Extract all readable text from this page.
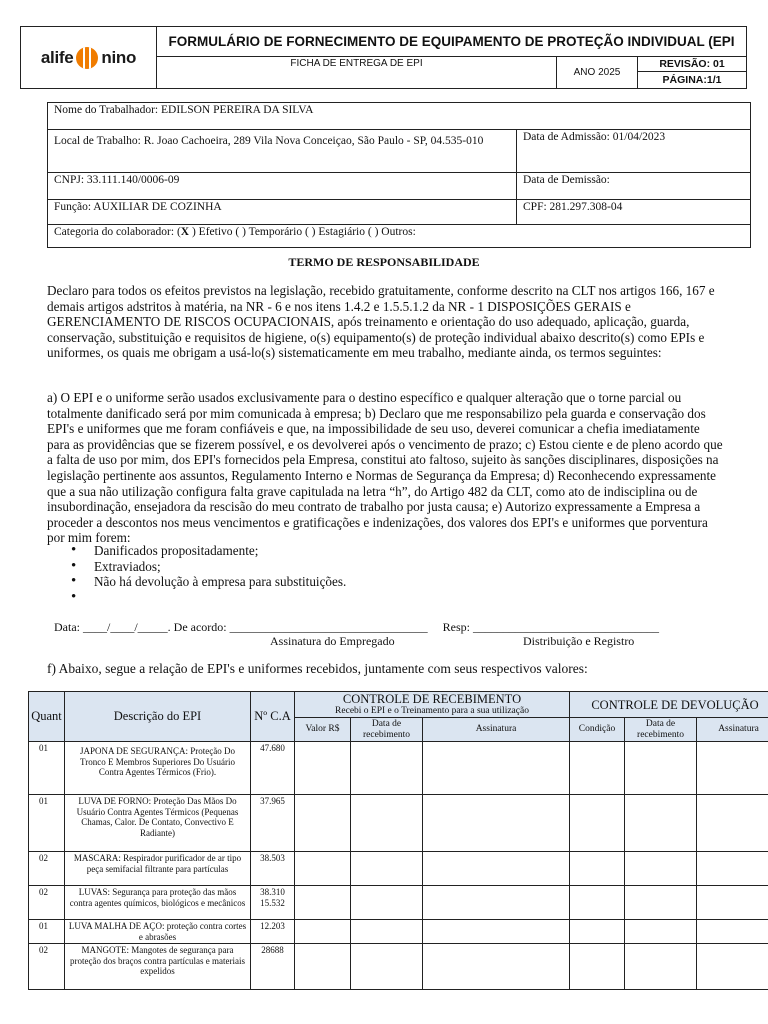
alife nino
FORMULÁRIO DE FORNECIMENTO DE EQUIPAMENTO DE PROTEÇÃO INDIVIDUAL (EPI
FICHA DE ENTREGA DE EPI
ANO 2025
REVISÃO: 01
PÁGINA:1/1
Nome do Trabalhador: EDILSON PEREIRA DA SILVA	
Local de Trabalho: R. Joao Cachoeira, 289 Vila Nova Conceiçao, São Paulo - SP, 04.535-010	Data de Admissão: 01/04/2023
CNPJ: 33.111.140/0006-09	Data de Demissão:
Função: AUXILIAR DE COZINHA	CPF: 281.297.308-04
Categoria do colaborador: (X ) Efetivo ( ) Temporário ( ) Estagiário ( ) Outros:	
TERMO DE RESPONSABILIDADE
Declaro para todos os efeitos previstos na legislação, recebido gratuitamente, conforme descrito na CLT nos artigos 166, 167 e demais artigos adstritos à matéria, na NR - 6 e nos itens 1.4.2 e 1.5.5.1.2 da NR - 1 DISPOSIÇÕES GERAIS e GERENCIAMENTO DE RISCOS OCUPACIONAIS, após treinamento e orientação do uso adequado, aplicação, guarda, conservação, substituição e requisitos de higiene, o(s) equipamento(s) de proteção individual abaixo descrito(s) como EPIs e uniformes, os quais me obrigam a usá-lo(s) sistematicamente em meu trabalho, mediante ainda, os termos seguintes:
a) O EPI e o uniforme serão usados exclusivamente para o destino específico e qualquer alteração que o torne parcial ou totalmente danificado será por mim comunicada à empresa; b) Declaro que me responsabilizo pela guarda e conservação dos EPI's e uniformes que me foram confiáveis e que, na impossibilidade de seu uso, deverei comunicar a chefia imediatamente para as providências que se fizerem possível, e os devolverei após o vencimento de prazo; c) Estou ciente e de pleno acordo que a falta de uso por mim, dos EPI's fornecidos pela Empresa, constitui ato faltoso, sujeito às sanções disciplinares, disposições na legislação pertinente aos assuntos, Regulamento Interno e Normas de Segurança da Empresa; d) Reconhecendo expressamente que a sua não utilização configura falta grave capitulada na letra “h”, do Artigo 482 da CLT, como ato de indisciplina ou de insubordinação, ensejadora da rescisão do meu contrato de trabalho por justa causa; e) Autorizo expressamente a Empresa a proceder a descontos nos meus vencimentos e gratificações e indenizações, dos valores dos EPI's e uniformes que porventura por mim forem:
• Danificados propositadamente;
• Extraviados;
• Não há devolução à empresa para substituições.
•
Data: ____/____/_____. De acordo: _________________________________     Resp: _______________________________
Assinatura do Empregado	Distribuição e Registro
f) Abaixo, segue a relação de EPI's e uniformes recebidos, juntamente com seus respectivos valores:
Quant	Descrição do EPI	Nº C.A	CONTROLE DE RECEBIMENTO
Recebi o EPI e o Treinamento para a sua utilização			CONTROLE DE DEVOLUÇÃO		
			Valor R$	Data de recebimento	Assinatura	Condição	Data de recebimento	Assinatura
01	JAPONA DE SEGURANÇA: Proteção Do Tronco E Membros Superiores Do Usuário Contra Agentes Térmicos (Frio).	47.680						
01	LUVA DE FORNO: Proteção Das Mãos Do Usuário Contra Agentes Térmicos (Pequenas Chamas, Calor. De Contato, Convectivo E Radiante)	37.965						
02	MASCARA: Respirador purificador de ar tipo peça semifacial filtrante para partículas	38.503						
02	LUVAS: Segurança para proteção das mãos contra agentes químicos, biológicos e mecânicos	38.310 15.532						
01	LUVA MALHA DE AÇO: proteção contra cortes e abrasões	12.203						
02	MANGOTE: Mangotes de segurança para proteção dos braços contra partículas e materiais expelidos	28688						
